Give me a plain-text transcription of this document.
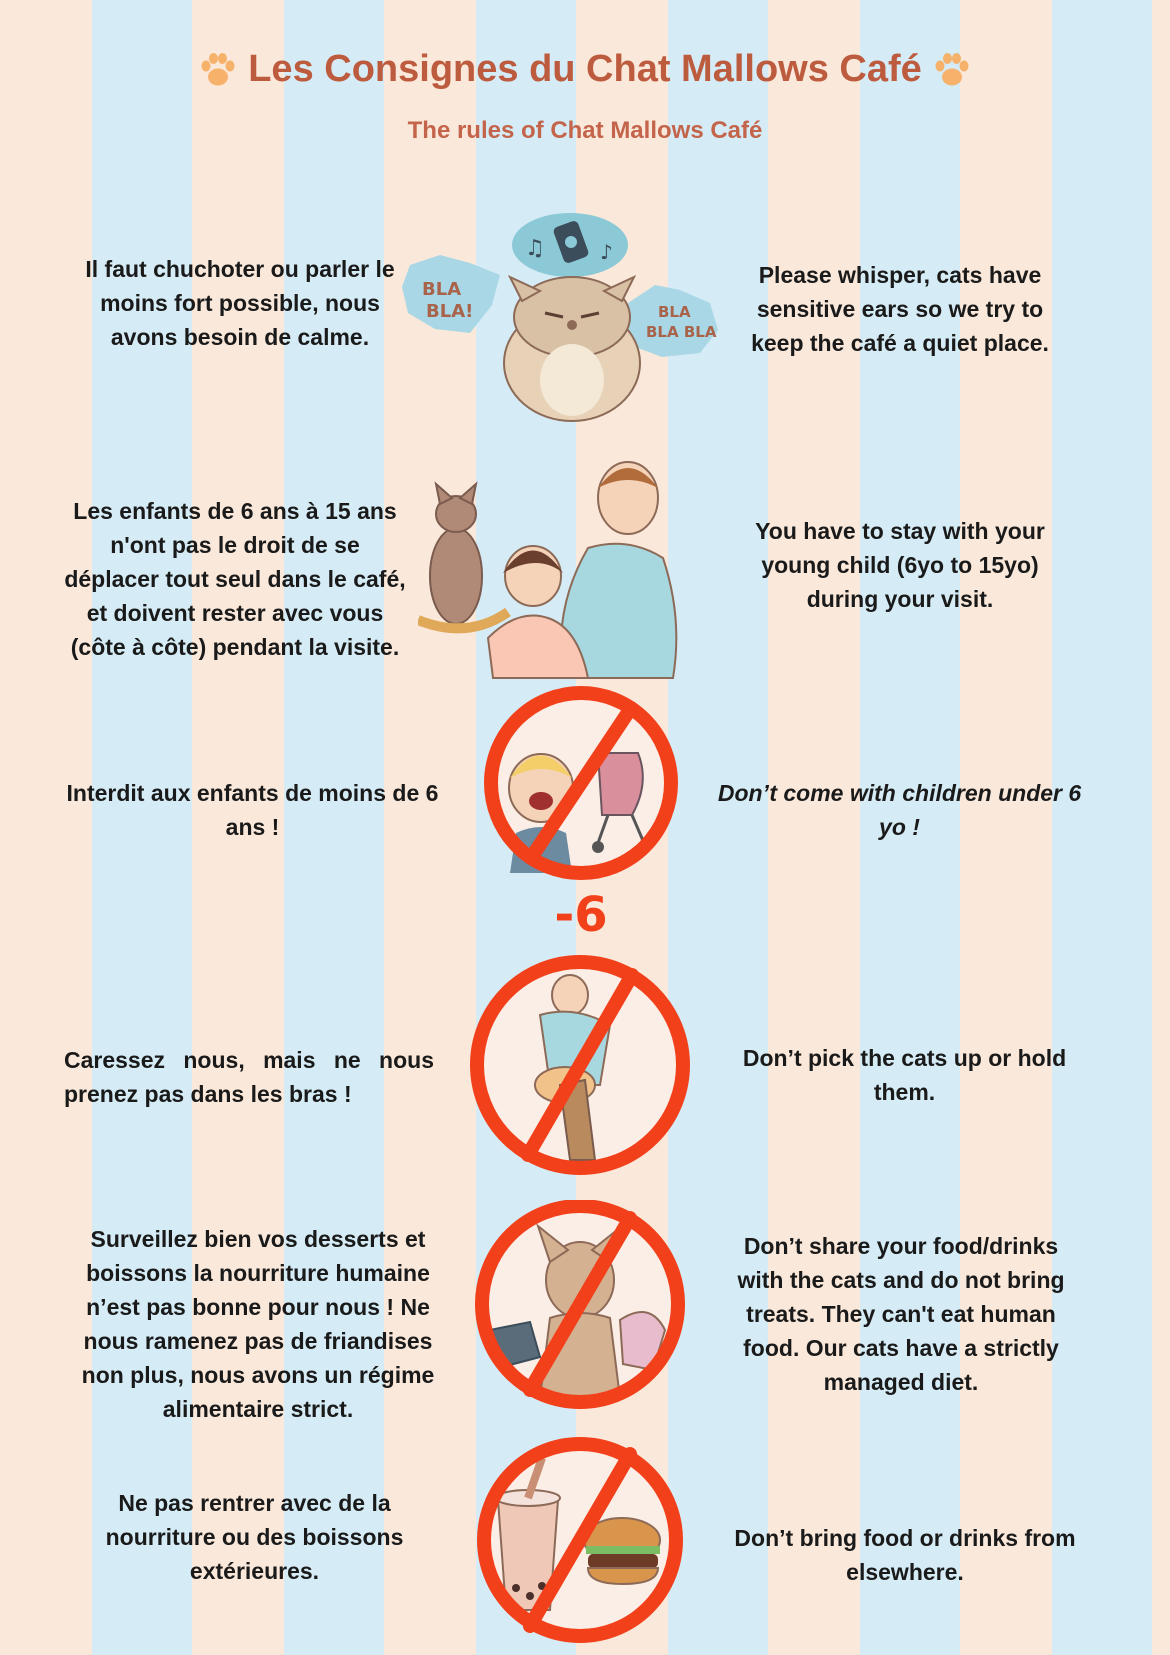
Les Consignes du Chat Mallows Café
The rules of Chat Mallows Café
Il faut chuchoter ou parler le moins fort possible, nous avons besoin de calme.
Please whisper, cats have sensitive ears so we try to keep the café a quiet place.
♫	♪
BLA
BLA!	BLA
BLA BLA
Les enfants de 6 ans à 15 ans n'ont pas le droit de se déplacer tout seul dans le café, et doivent rester avec vous (côte à côte) pendant la visite.
You have to stay with your young child (6yo to 15yo) during your visit.
Interdit aux enfants de moins de 6 ans !
Don’t come with children under 6 yo !
-6
Caressez nous, mais ne nous prenez pas dans les bras !
Don’t pick the cats up or hold them.
Surveillez bien vos desserts et boissons la nourriture humaine n’est pas bonne pour nous ! Ne nous ramenez pas de friandises non plus, nous avons un régime alimentaire strict.
Don’t share your food/drinks with the cats and do not bring treats. They can't eat human food. Our cats have a strictly managed diet.
Ne pas rentrer avec de la nourriture ou des boissons extérieures.
Don’t bring food or drinks from elsewhere.
